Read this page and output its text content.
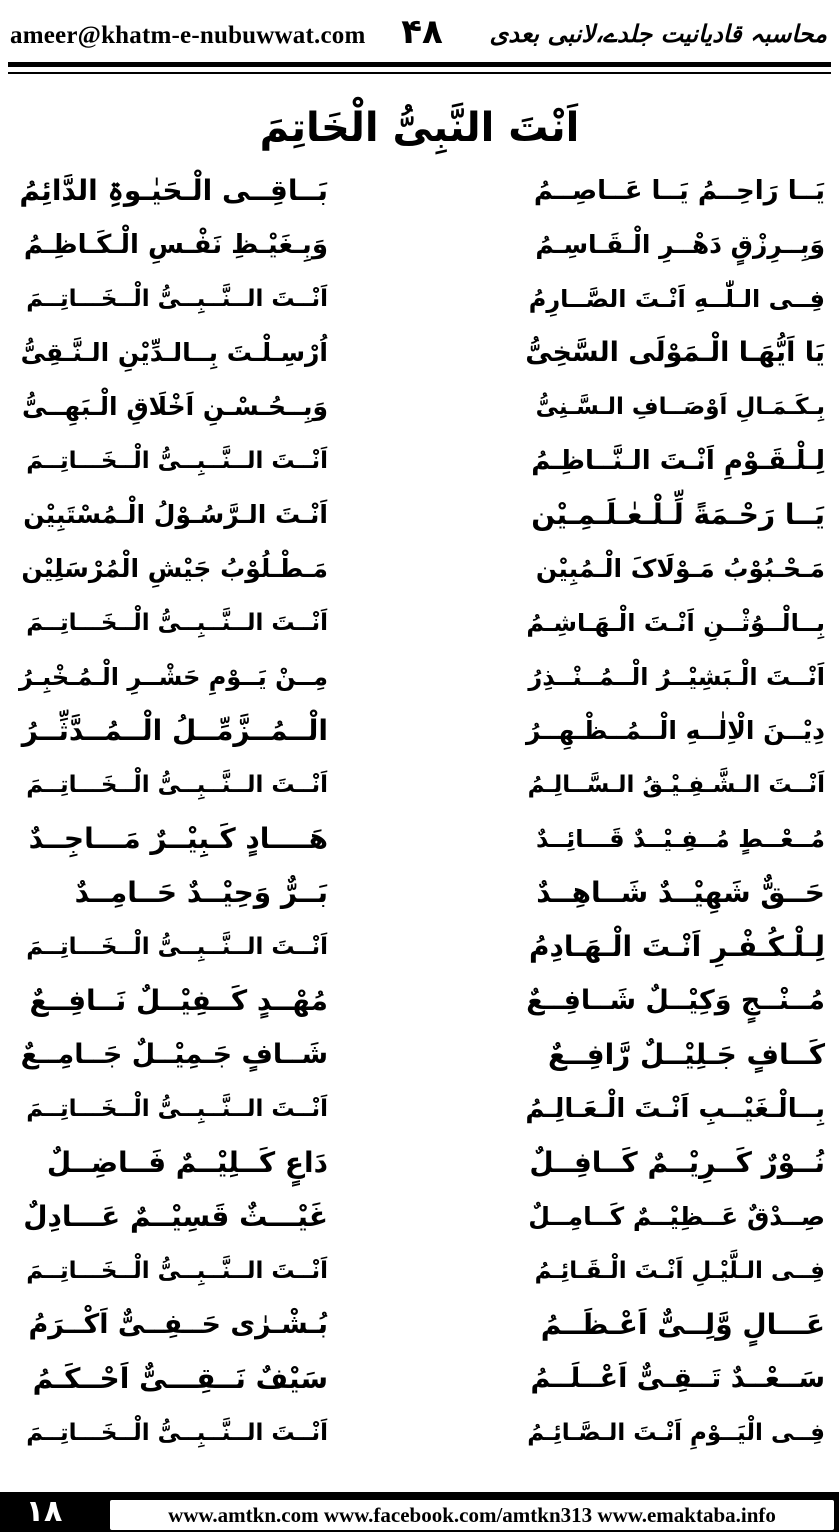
ameer@khatm-e-nubuwwat.com ۴۸	محاسبہ قادیانیت جلدے،لانبی بعدی
اَنْتَ النَّبِیُّ الْخَاتِمَ
یَــا رَاحِــمُ یَــا عَــاصِــمُ
بَــاقِــی الْـحَیٰـوۃِ الدَّائِمُ
وَبِــرِزْقٍ دَهْــرِ الْـقَـاسِـمُ
وَبِـغَیْـظِ نَفْـسِ الْـکَـاظِـمُ
فِــی الـلّٰــهِ اَنْـتَ الصَّــارِمُ
اَنْــتَ الــنَّــبِــیُّ الْــخَـــاتِــمَ
یَا اَیُّهَـا الْـمَوْلَی السَّخِیُّ
اُرْسِـلْـتَ بِــالـدِّیْنِ الـنَّـقِیُّ
بِـکَـمَـالِ اَوْصَــافِ الـسَّـنِیُّ
وَبِــحُـسْـنِ اَخْلَاقِ الْـبَهِــیُّ
لِـلْـقَـوْمِ اَنْـتَ الـنَّــاظِـمُ
اَنْــتَ الــنَّــبِــیُّ الْــخَـــاتِــمَ
یَــا رَحْـمَةً لِّـلْـعٰـلَـمِـیْن
اَنْـتَ الـرَّسُـوْلُ الْـمُسْتَبِیْن
مَـحْـبُوْبُ مَـوْلَاکَ الْـمُبِیْن
مَـطْـلُوْبُ جَیْشِ الْمُرْسَلِیْن
بِــالْــوُثْــنِ اَنْـتَ الْـهَـاشِـمُ
اَنْــتَ الــنَّــبِــیُّ الْــخَـــاتِــمَ
اَنْــتَ الْـبَشِیْــرُ الْــمُــنْــذِرُ
مِــنْ یَــوْمِ حَشْــرِ الْـمُـخْبِـرُ
دِیْــنَ الْاِلٰــهِ الْــمُــظْـهِــرُ
الْــمُــزَّمِّــلُ الْــمُــدَّثِّــرُ
اَنْــتَ الـشَّـفِـیْـقُ الـسَّــالِـمُ
اَنْــتَ الــنَّــبِــیُّ الْــخَـــاتِــمَ
مُــعْــطٍ مُــفِـیْــدٌ قَـــائِــدٌ
هَــــادٍ کَـبِیْــرٌ مَـــاجِــدٌ
حَــقٌّ شَهِیْــدٌ شَــاهِــدٌ
بَــرٌّ وَحِیْــدٌ حَــامِــدٌ
لِـلْـکُـفْـرِ اَنْـتَ الْـهَـادِمُ
اَنْــتَ الــنَّــبِــیُّ الْــخَـــاتِــمَ
مُــنْــجٍ وَکِیْــلٌ شَــافِــعٌ
مُهْــدٍ کَــفِیْــلٌ نَــافِــعٌ
کَــافٍ جَـلِیْــلٌ رَّافِــعٌ
شَــافٍ جَـمِیْــلٌ جَــامِــعٌ
بِــالْـغَیْــبِ اَنْـتَ الْـعَـالِـمُ
اَنْــتَ الــنَّــبِــیُّ الْــخَـــاتِــمَ
نُــوْرٌ کَــرِیْــمٌ کَــافِــلٌ
دَاعٍ کَــلِیْــمٌ فَــاضِــلٌ
صِــدْقٌ عَــظِیْــمٌ کَــامِــلٌ
غَیْـــثٌ قَسِیْــمٌ عَـــادِلٌ
فِــی الـلَّیْـلِ اَنْـتَ الْـقَـائِـمُ
اَنْــتَ الــنَّــبِــیُّ الْــخَـــاتِــمَ
عَـــالٍ وَّلِــیٌّ اَعْـظَــمُ
بُـشْـرٰی حَــفِــیٌّ اَکْــرَمُ
سَــعْــدٌ تَــقِـیٌّ اَعْــلَــمُ
سَیْفٌ نَــقِـــیٌّ اَحْــکَـمُ
فِــی الْیَــوْمِ اَنْـتَ الـصَّـائِـمُ
اَنْــتَ الــنَّــبِــیُّ الْــخَـــاتِــمَ
۱۸	www.amtkn.com www.facebook.com/amtkn313 www.emaktaba.info
